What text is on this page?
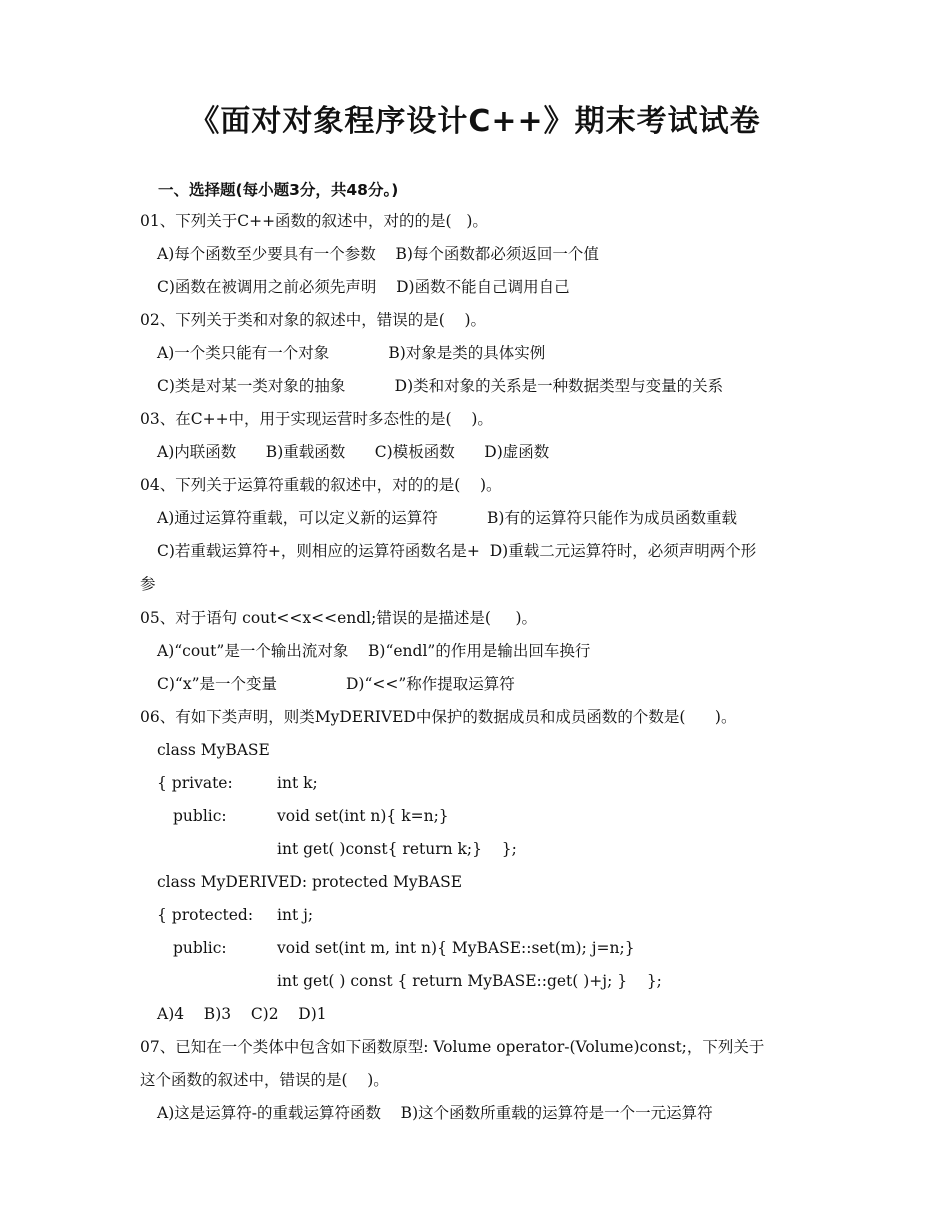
《面对对象程序设计C++》期末考试试卷
一、选择题(每小题3分，共48分。)
01、下列关于C++函数的叙述中，对的的是(   )。
A)每个函数至少要具有一个参数    B)每个函数都必须返回一个值
C)函数在被调用之前必须先声明    D)函数不能自己调用自己
02、下列关于类和对象的叙述中，错误的是(    )。
A)一个类只能有一个对象            B)对象是类的具体实例
C)类是对某一类对象的抽象          D)类和对象的关系是一种数据类型与变量的关系
03、在C++中，用于实现运营时多态性的是(    )。
A)内联函数      B)重载函数      C)模板函数      D)虚函数
04、下列关于运算符重载的叙述中，对的的是(    )。
A)通过运算符重载，可以定义新的运算符          B)有的运算符只能作为成员函数重载
C)若重载运算符+，则相应的运算符函数名是+  D)重载二元运算符时，必须声明两个形
参
05、对于语句 cout<<x<<endl;错误的是描述是(     )。
A)“cout”是一个输出流对象    B)“endl”的作用是输出回车换行
C)“x”是一个变量              D)“<<”称作提取运算符
06、有如下类声明，则类MyDERIVED中保护的数据成员和成员函数的个数是(      )。
class MyBASE
{ private:	int k;
public:	void set(int n){ k=n;}
int get( )const{ return k;}    };
class MyDERIVED: protected MyBASE
{ protected: int j;
public:	void set(int m, int n){ MyBASE::set(m); j=n;}
int get( ) const { return MyBASE::get( )+j; }    };
A)4    B)3    C)2    D)1
07、已知在一个类体中包含如下函数原型: Volume operator-(Volume)const;，下列关于
这个函数的叙述中，错误的是(    )。
A)这是运算符-的重载运算符函数    B)这个函数所重载的运算符是一个一元运算符
